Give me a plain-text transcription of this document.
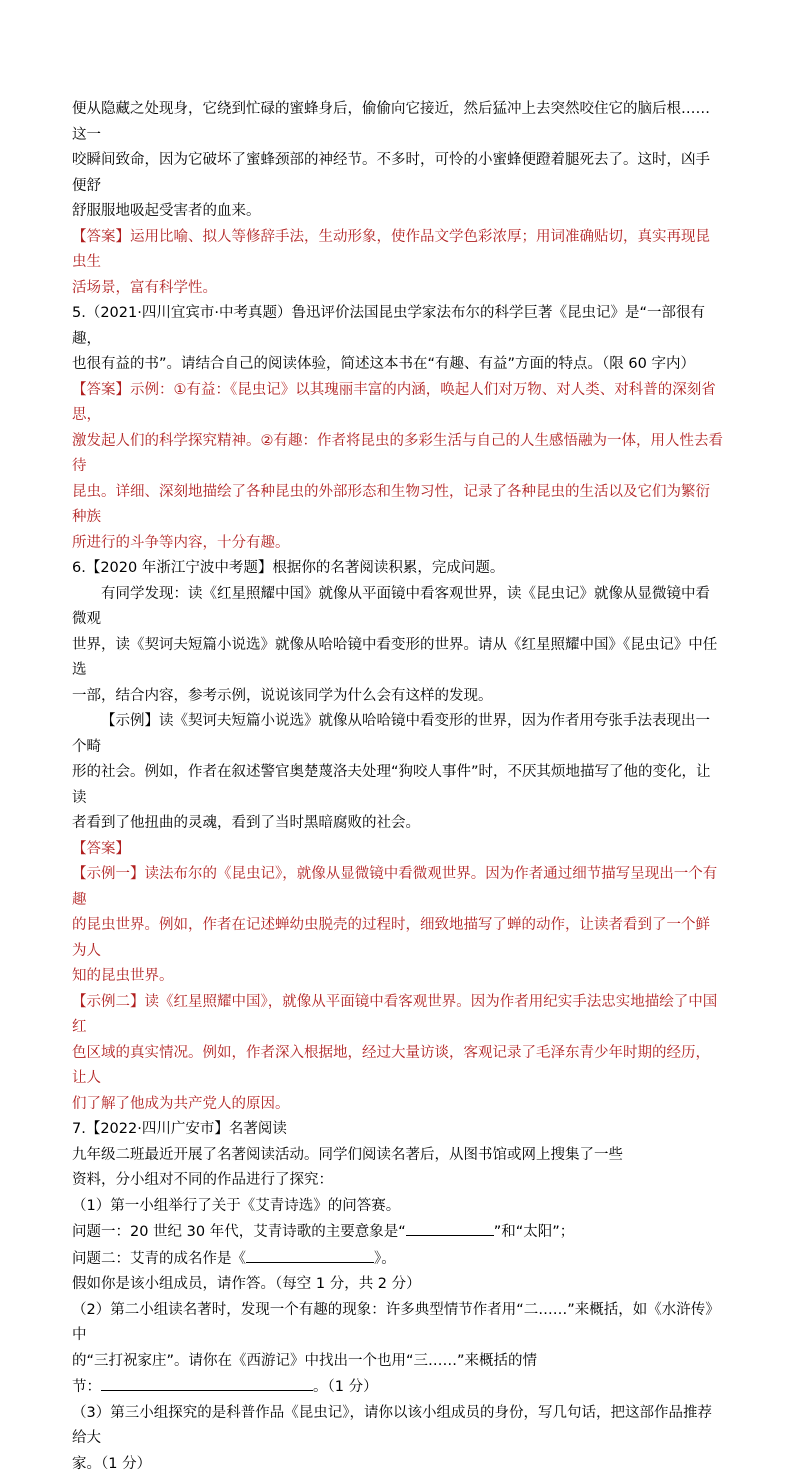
便从隐藏之处现身，它绕到忙碌的蜜蜂身后，偷偷向它接近，然后猛冲上去突然咬住它的脑后根……这一

咬瞬间致命，因为它破坏了蜜蜂颈部的神经节。不多时，可怜的小蜜蜂便蹬着腿死去了。这时，凶手便舒

舒服服地吸起受害者的血来。

【答案】运用比喻、拟人等修辞手法，生动形象，使作品文学色彩浓厚；用词准确贴切，真实再现昆虫生

活场景，富有科学性。

5.（2021·四川宜宾市·中考真题）鲁迅评价法国昆虫学家法布尔的科学巨著《昆虫记》是“一部很有趣，

也很有益的书”。请结合自己的阅读体验，简述这本书在“有趣、有益”方面的特点。（限 60 字内）

【答案】示例：①有益：《昆虫记》以其瑰丽丰富的内涵，唤起人们对万物、对人类、对科普的深刻省思，

激发起人们的科学探究精神。②有趣：作者将昆虫的多彩生活与自己的人生感悟融为一体，用人性去看待

昆虫。详细、深刻地描绘了各种昆虫的外部形态和生物习性，记录了各种昆虫的生活以及它们为繁衍种族

所进行的斗争等内容，十分有趣。

6.【2020 年浙江宁波中考题】根据你的名著阅读积累，完成问题。

有同学发现：读《红星照耀中国》就像从平面镜中看客观世界，读《昆虫记》就像从显微镜中看微观

世界，读《契诃夫短篇小说选》就像从哈哈镜中看变形的世界。请从《红星照耀中国》《昆虫记》中任选

一部，结合内容，参考示例，说说该同学为什么会有这样的发现。

【示例】读《契诃夫短篇小说选》就像从哈哈镜中看变形的世界，因为作者用夸张手法表现出一个畸

形的社会。例如，作者在叙述警官奥楚蔑洛夫处理“狗咬人事件”时，不厌其烦地描写了他的变化，让读

者看到了他扭曲的灵魂，看到了当时黑暗腐败的社会。

【答案】

【示例一】读法布尔的《昆虫记》，就像从显微镜中看微观世界。因为作者通过细节描写呈现出一个有趣

的昆虫世界。例如，作者在记述蝉幼虫脱壳的过程时，细致地描写了蝉的动作，让读者看到了一个鲜为人

知的昆虫世界。

【示例二】读《红星照耀中国》，就像从平面镜中看客观世界。因为作者用纪实手法忠实地描绘了中国红

色区域的真实情况。例如，作者深入根据地，经过大量访谈，客观记录了毛泽东青少年时期的经历，让人

们了解了他成为共产党人的原因。

7.【2022·四川广安市】名著阅读

九年级二班最近开展了名著阅读活动。同学们阅读名著后，从图书馆或网上搜集了一些

资料，分小组对不同的作品进行了探究：

（1）第一小组举行了关于《艾青诗选》的问答赛。

问题一：20 世纪 30 年代，艾青诗歌的主要意象是“	”和“太阳”；

问题二：艾青的成名作是《	》。

假如你是该小组成员，请作答。（每空 1 分，共 2 分）

（2）第二小组读名著时，发现一个有趣的现象：许多典型情节作者用“二……”来概括，如《水浒传》中

的“三打祝家庄”。请你在《西游记》中找出一个也用“三……”来概括的情

节：	。（1 分）

（3）第三小组探究的是科普作品《昆虫记》，请你以该小组成员的身份，写几句话，把这部作品推荐给大

家。（1 分）
